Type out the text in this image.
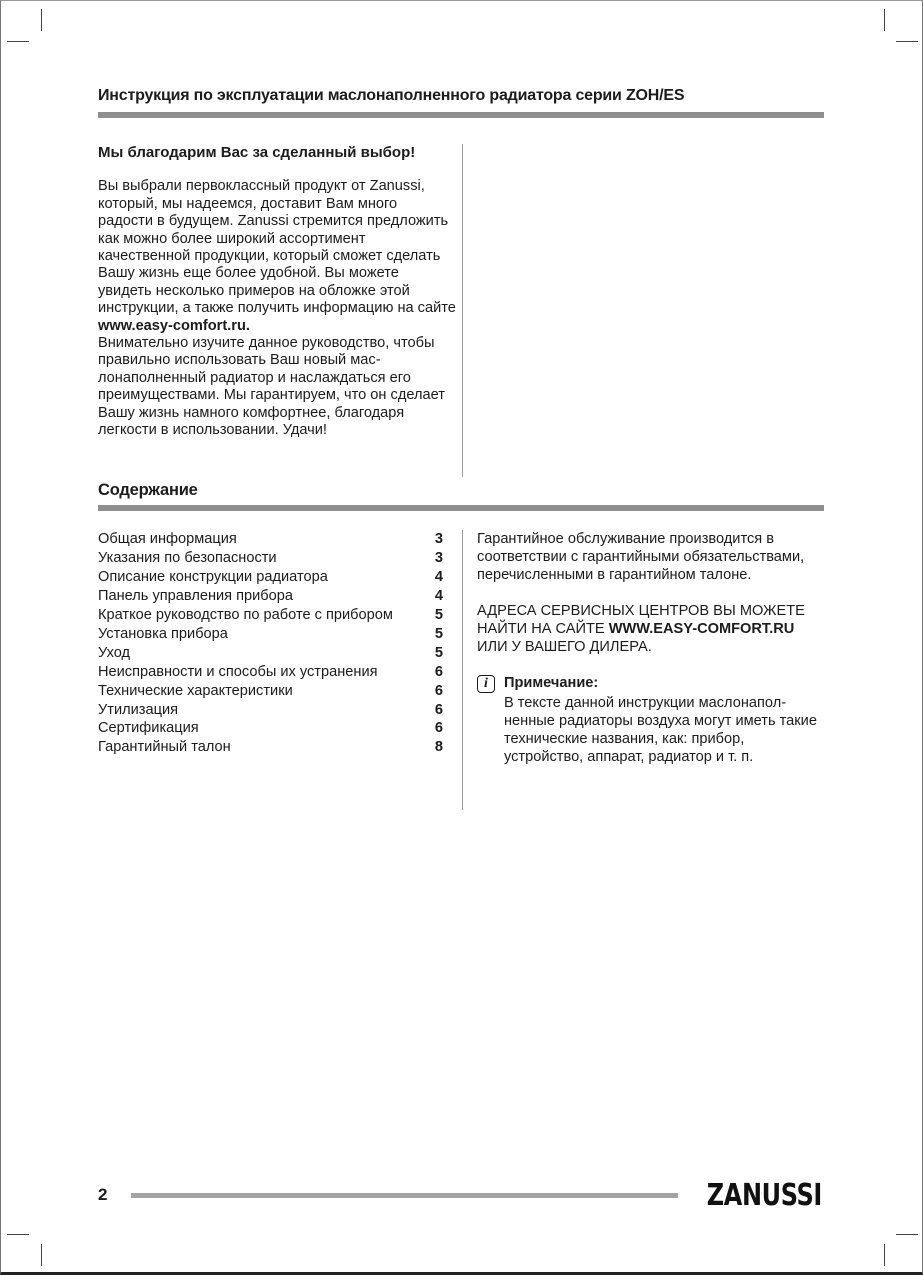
Инструкция по эксплуатации маслонаполненного радиатора серии ZOH/ES
Мы благодарим Вас за сделанный выбор!

Вы выбрали первоклассный продукт от Zanussi, который, мы надеемся, доставит Вам много радости в будущем. Zanussi стремится предложить как можно более широкий ассортимент качественной продукции, который сможет сделать Вашу жизнь еще более удобной. Вы можете увидеть несколько примеров на обложке этой инструкции, а также получить информацию на сайте www.easy-comfort.ru.
Внимательно изучите данное руководство, чтобы правильно использовать Ваш новый мас- лонаполненный радиатор и наслаждаться его преимуществами. Мы гарантируем, что он сделает Вашу жизнь намного комфортнее, благодаря легкости в использовании. Удачи!

Содержание
Общая информация	3
Указания по безопасности	3
Описание конструкции радиатора	4
Панель управления прибора	4
Краткое руководство по работе с прибором	5
Установка прибора	5
Уход	5
Неисправности и способы их устранения	6
Технические характеристики	6
Утилизация	6
Сертификация	6
Гарантийный талон	8

Гарантийное обслуживание производится в соответствии с гарантийными обязательствами, перечисленными в гарантийном талоне.

АДРЕСА СЕРВИСНЫХ ЦЕНТРОВ ВЫ МОЖЕТЕ НАЙТИ НА САЙТЕ WWW.EASY-COMFORT.RU ИЛИ У ВАШЕГО ДИЛЕРА.

i Примечание:
В тексте данной инструкции маслонапол- ненные радиаторы воздуха могут иметь такие технические названия, как: прибор, устройство, аппарат, радиатор и т. п.
2	ZANUSSI
